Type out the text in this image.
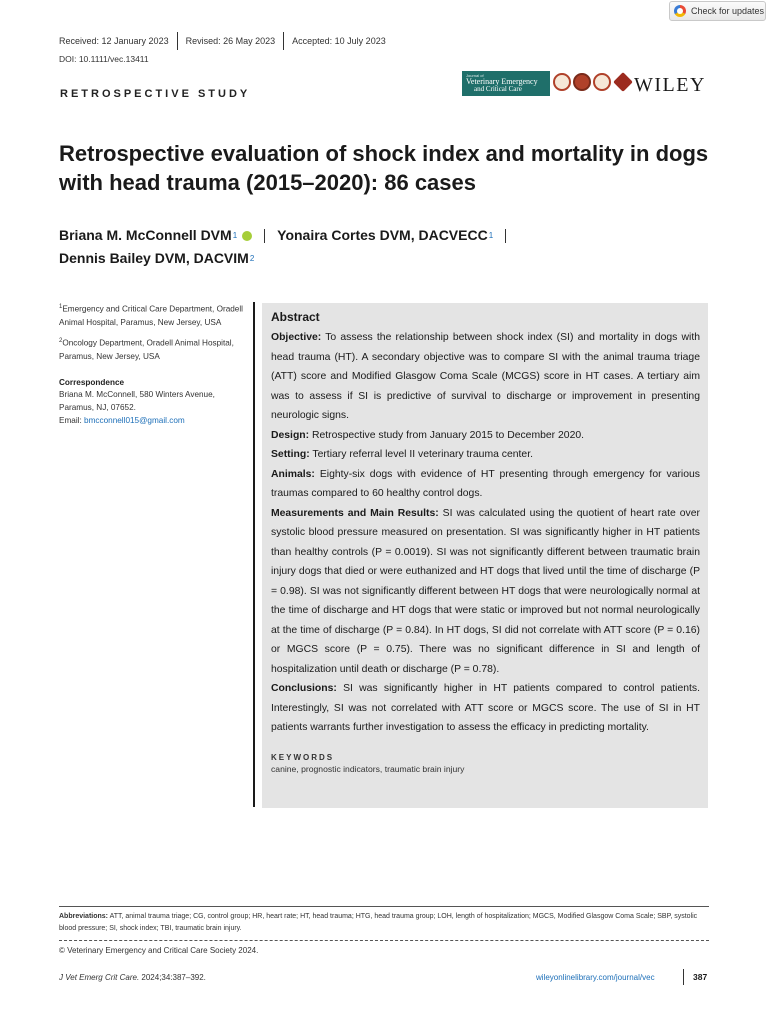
Check for updates
Received: 12 January 2023	Revised: 26 May 2023	Accepted: 10 July 2023
DOI: 10.1111/vec.13411
RETROSPECTIVE STUDY
Journal of
Veterinary Emergency
and Critical Care	WILEY
Retrospective evaluation of shock index and mortality in dogs with head trauma (2015–2020): 86 cases
Briana M. McConnell DVM 1	Yonaira Cortes DVM, DACVECC 1
Dennis Bailey DVM, DACVIM 2
$^1$Emergency and Critical Care Department, Oradell Animal Hospital, Paramus, New Jersey, USA
$^2$Oncology Department, Oradell Animal Hospital, Paramus, New Jersey, USA
Correspondence
Briana M. McConnell, 580 Winters Avenue, Paramus, NJ, 07652.
Email: bmcconnell015@gmail.com
Abstract

Objective: To assess the relationship between shock index (SI) and mortality in dogs with head trauma (HT). A secondary objective was to compare SI with the animal trauma triage (ATT) score and Modified Glasgow Coma Scale (MCGS) score in HT cases. A tertiary aim was to assess if SI is predictive of survival to discharge or improvement in presenting neurologic signs.

Design: Retrospective study from January 2015 to December 2020.

Setting: Tertiary referral level II veterinary trauma center.

Animals: Eighty-six dogs with evidence of HT presenting through emergency for various traumas compared to 60 healthy control dogs.

Measurements and Main Results: SI was calculated using the quotient of heart rate over systolic blood pressure measured on presentation. SI was significantly higher in HT patients than healthy controls (P = 0.0019). SI was not significantly different between traumatic brain injury dogs that died or were euthanized and HT dogs that lived until the time of discharge (P = 0.98). SI was not significantly different between HT dogs that were neurologically normal at the time of discharge and HT dogs that were static or improved but not normal neurologically at the time of discharge (P = 0.84). In HT dogs, SI did not correlate with ATT score (P = 0.16) or MGCS score (P = 0.75). There was no significant difference in SI and length of hospitalization until death or discharge (P = 0.78).

Conclusions: SI was significantly higher in HT patients compared to control patients. Interestingly, SI was not correlated with ATT score or MGCS score. The use of SI in HT patients warrants further investigation to assess the efficacy in predicting mortality.

KEYWORDS
canine, prognostic indicators, traumatic brain injury
Abbreviations: ATT, animal trauma triage; CG, control group; HR, heart rate; HT, head trauma; HTG, head trauma group; LOH, length of hospitalization; MGCS, Modified Glasgow Coma Scale; SBP, systolic blood pressure; SI, shock index; TBI, traumatic brain injury.
© Veterinary Emergency and Critical Care Society 2024.
J Vet Emerg Crit Care. 2024;34:387–392.	wileyonlinelibrary.com/journal/vec	387
